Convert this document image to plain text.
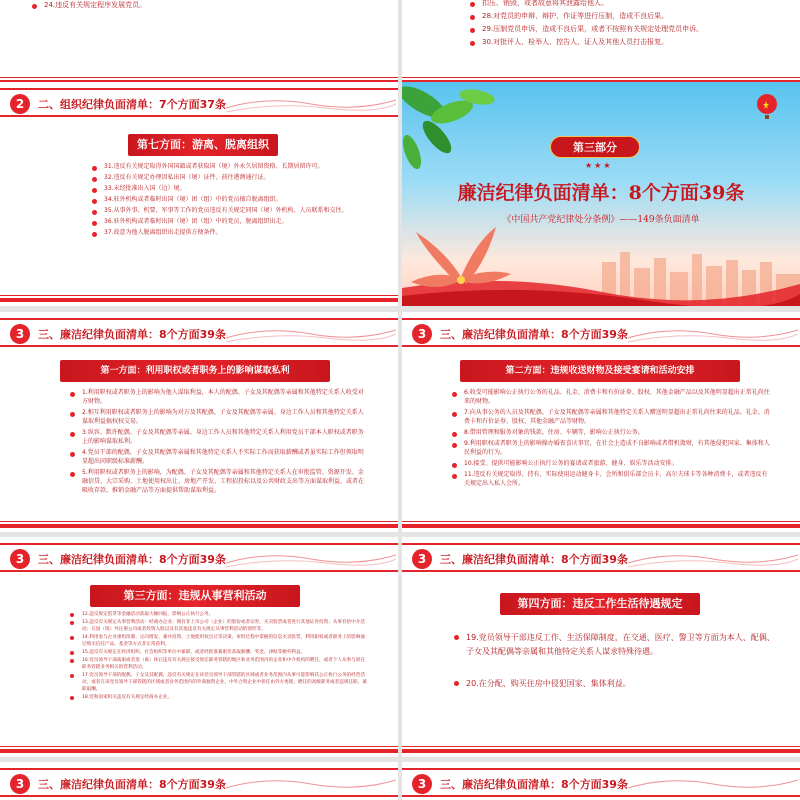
24.违反有关规定程序发展党员。	扣压、销毁，或者故意将其泄露给他人。
28.对党员的申辩、辩护、作证等进行压制，造成不良后果。
29.压制党员申诉，造成不良后果，或者不按照有关规定处理党员申诉。
30.对批评人、检举人、控告人、证人及其他人员打击报复。
2	二、组织纪律负面清单：7个方面37条
第七方面：游离、脱离组织
31.违反有关规定取得外国国籍或者获取国（境）外永久居留资格、长期居留许可。
32.违反有关规定办理因私出国（境）证件、前往港澳通行证。
33.未经批准出入国（边）境。
34.驻外机构或者临时出国（境）团（组）中的党员擅自脱离组织。
35.从事外事、机要、军事等工作的党员违反有关规定同国（境）外机构、人员联系和交往。
36.驻外机构或者临时出国（境）团（组）中的党员，脱离组织出走。
37.故意为他人脱离组织出走提供方便条件。
第三部分
★★★
廉洁纪律负面清单：8个方面39条
《中国共产党纪律处分条例》——149条负面清单
3	三、廉洁纪律负面清单：8个方面39条
第一方面：利用职权或者职务上的影响谋取私利
1.利用职权或者职务上的影响为他人谋取利益，本人的配偶、子女及其配偶等亲属和其他特定关系人收受对方财物。
2.相互利用职权或者职务上的影响为对方及其配偶、子女及其配偶等亲属、身边工作人员和其他特定关系人谋取利益搞权权交易。
3.纵容、默许配偶、子女及其配偶等亲属、身边工作人员和其他特定关系人利用党员干部本人职权或者职务上的影响谋取私利。
4.党员干部的配偶、子女及其配偶等亲属和其他特定关系人不实际工作而获取薪酬或者虽实际工作但领取明显超出同职级标准薪酬。
5.利用职权或者职务上的影响，为配偶、子女及其配偶等亲属和其他特定关系人在审批监管、资源开发、金融信贷、大宗采购、土地使用权出让、房地产开发、工程招投标以及公共财政支出等方面谋取利益，或者在吸收存款、推销金融产品等方面提供帮助谋取利益。
3	三、廉洁纪律负面清单：8个方面39条
第二方面：违规收送财物及接受宴请和活动安排
6.收受可能影响公正执行公务的礼品、礼金、消费卡和有价证券、股权、其他金融产品以及其他明显超出正常礼尚往来的财物。
7.向从事公务的人员及其配偶、子女及其配偶等亲属和其他特定关系人赠送明显超出正常礼尚往来的礼品、礼金、消费卡和有价证券、股权、其他金融产品等财物。
8.借用管理和服务对象的钱款、住房、车辆等，影响公正执行公务。
9.利用职权或者职务上的影响操办婚丧喜庆事宜，在社会上造成不良影响或者借机敛财，有其他侵犯国家、集体和人民利益的行为。
10.接受、提供可能影响公正执行公务的宴请或者旅游、健身、娱乐等活动安排。
11.违反有关规定取得、持有、实际使用运动健身卡、会所和俱乐部会员卡、高尔夫球卡等各种消费卡，或者违反有关规定出入私人会所。
3	三、廉洁纪律负面清单：8个方面39条
第三方面：违规从事营利活动
12.违反规定借贷等金融活动获取大额回报，影响公正执行公务。
13.违反有关规定从事营利活动：经商办企业；拥有非上市公司（企业）的股份或者证券，买卖股票或者进行其他证券投资；从事有偿中介活动；在国（境）外注册公司或者投资入股以及有其他违反有关规定从事营利活动的情形等。
14.利用参与企业重组改制、定向增发、兼并投资、土地使用权出让等决策、审批过程中掌握的信息买卖股票，利用职权或者职务上的影响通过购买信托产品、基金等方式非正常获利。
15.违反有关规定在经济组织、社会组织等单位中兼职，或者经批准兼职但获取薪酬、奖金、津贴等额外利益。
16.党员领导干部离职或者退（离）休后违反有关规定接受原任职务管辖的地区和业务范围内的企业和中介机构的聘任，或者个人从事与原任职务管辖业务相关的营利活动。
17.党员领导干部的配偶、子女及其配偶，违反有关规定在该党员领导干部管辖的区域或者业务范围内从事可能影响其公正执行公务的经营活动，或者在该党员领导干部管辖的区域或者业务范围内的外商独资企业、中外合资企业中担任由外方委派、聘任的高级职务或者违规任职、兼职取酬。
18.党和国家机关违反有关规定经商办企业。
3	三、廉洁纪律负面清单：8个方面39条
第四方面：违反工作生活待遇规定
19.党员领导干部违反工作、生活保障制度，在交通、医疗、警卫等方面为本人、配偶、子女及其配偶等亲属和其他特定关系人谋求特殊待遇。
20.在分配、购买住房中侵犯国家、集体利益。
3	三、廉洁纪律负面清单：8个方面39条	3	三、廉洁纪律负面清单：8个方面39条
